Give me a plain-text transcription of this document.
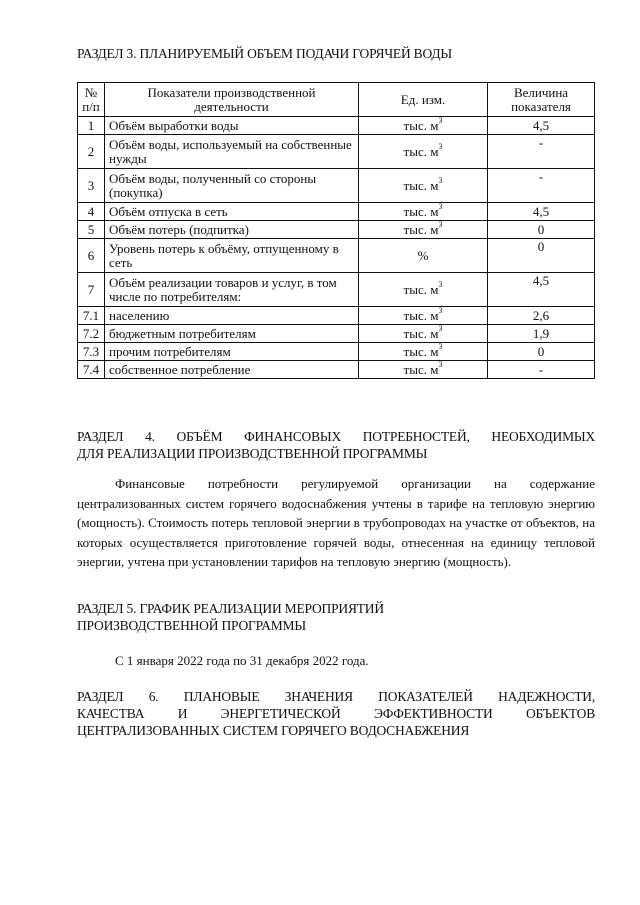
РАЗДЕЛ 3. ПЛАНИРУЕМЫЙ ОБЪЕМ ПОДАЧИ ГОРЯЧЕЙ ВОДЫ
№ п/п	Показатели производственной деятельности	Ед. изм.	Величина показателя
1	Объём выработки воды	тыс. $м^3$	4,5
2	Объём воды, используемый на собственные нужды	тыс. $м^3$	-
3	Объём воды, полученный со стороны (покупка)	тыс. $м^3$	-
4	Объём отпуска в сеть	тыс. $м^3$	4,5
5	Объём потерь (подпитка)	тыс. $м^3$	0
6	Уровень потерь к объёму, отпущенному в сеть	%	0
7	Объём реализации товаров и услуг, в том числе по потребителям:	тыс. $м^3$	4,5
7.1	населению	тыс. $м^3$	2,6
7.2	бюджетным потребителям	тыс. $м^3$	1,9
7.3	прочим потребителям	тыс. $м^3$	0
7.4	собственное потребление	тыс. $м^3$	-
РАЗДЕЛ 4. ОБЪЁМ ФИНАНСОВЫХ ПОТРЕБНОСТЕЙ, НЕОБХОДИМЫХ
ДЛЯ РЕАЛИЗАЦИИ ПРОИЗВОДСТВЕННОЙ ПРОГРАММЫ
Финансовые потребности регулируемой организации на содержание централизованных систем горячего водоснабжения учтены в тарифе на тепловую энергию (мощность). Стоимость потерь тепловой энергии в трубопроводах на участке от объектов, на которых осуществляется приготовление горячей воды, отнесенная на единицу тепловой энергии, учтена при установлении тарифов на тепловую энергию (мощность).
РАЗДЕЛ 5. ГРАФИК РЕАЛИЗАЦИИ МЕРОПРИЯТИЙ
ПРОИЗВОДСТВЕННОЙ ПРОГРАММЫ
С 1 января 2022 года по 31 декабря 2022 года.
РАЗДЕЛ 6. ПЛАНОВЫЕ ЗНАЧЕНИЯ ПОКАЗАТЕЛЕЙ НАДЕЖНОСТИ,
КАЧЕСТВА И ЭНЕРГЕТИЧЕСКОЙ ЭФФЕКТИВНОСТИ ОБЪЕКТОВ
ЦЕНТРАЛИЗОВАННЫХ СИСТЕМ ГОРЯЧЕГО ВОДОСНАБЖЕНИЯ
